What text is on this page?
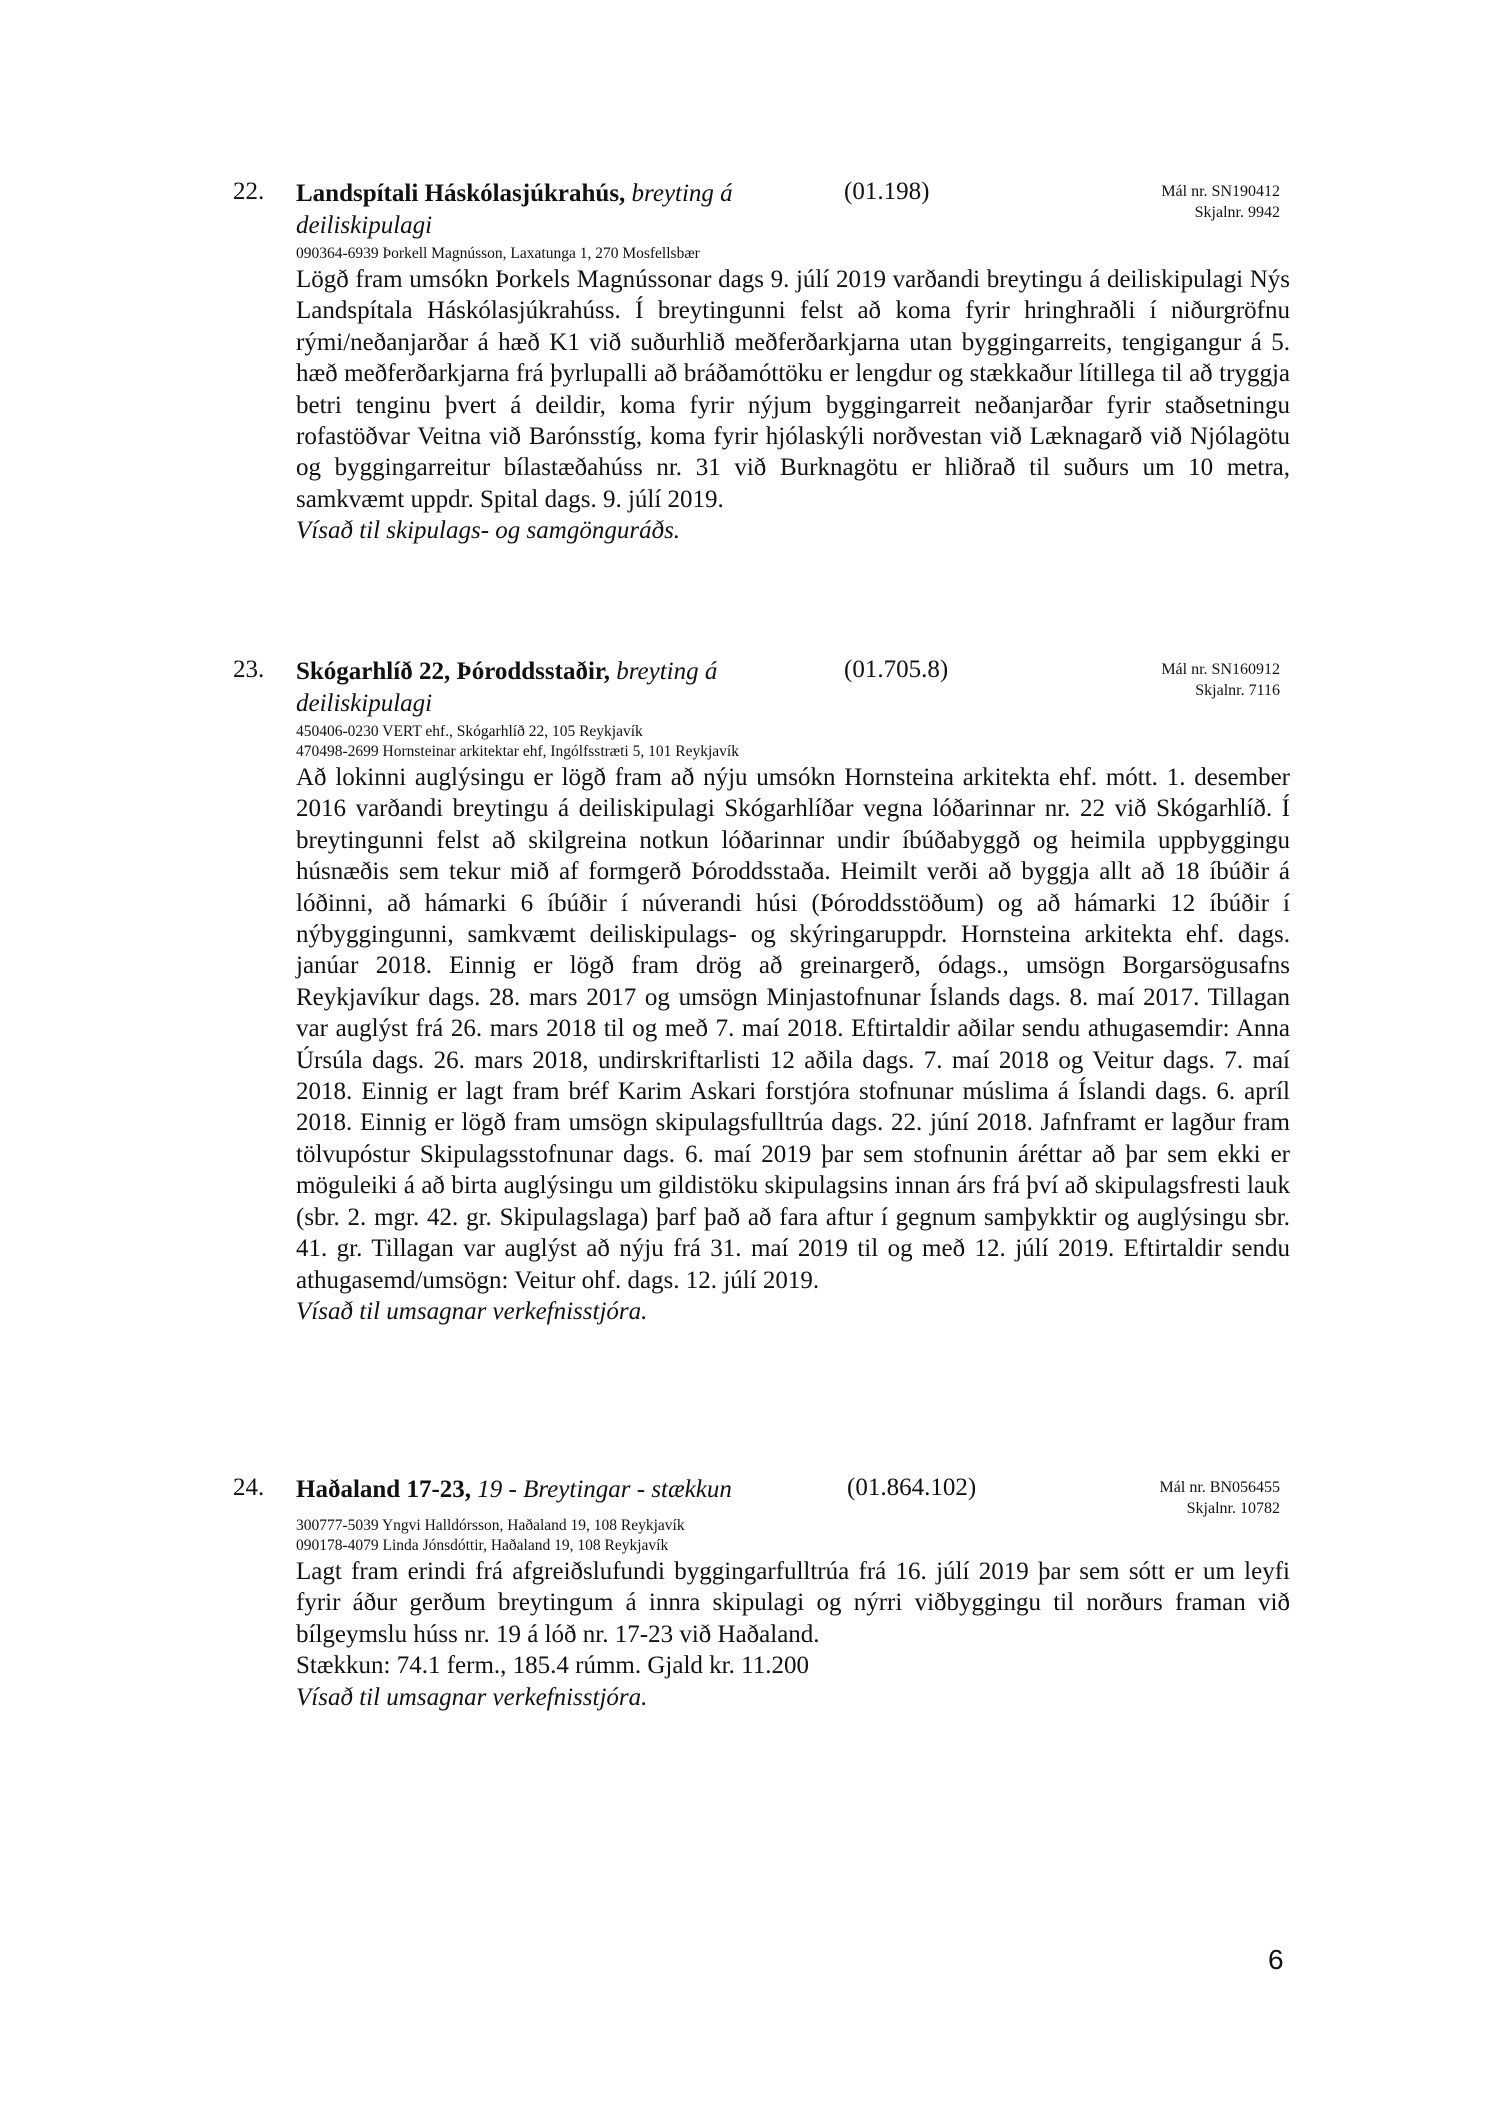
22. Landspítali Háskólasjúkrahús, breyting á deiliskipulagi
(01.198)	Mál nr. SN190412
Skjalnr. 9942
090364-6939 Þorkell Magnússon, Laxatunga 1, 270 Mosfellsbær

Lögð fram umsókn Þorkels Magnússonar dags 9. júlí 2019 varðandi breytingu á deiliskipulagi Nýs Landspítala Háskólasjúkrahúss. Í breytingunni felst að koma fyrir hringhraðli í niðurgröfnu rými/neðanjarðar á hæð K1 við suðurhlið meðferðarkjarna utan byggingarreits, tengigangur á 5. hæð meðferðarkjarna frá þyrlupalli að bráðamóttöku er lengdur og stækkaður lítillega til að tryggja betri tenginu þvert á deildir, koma fyrir nýjum byggingarreit neðanjarðar fyrir staðsetningu rofastöðvar Veitna við Barónsstíg, koma fyrir hjólaskýli norðvestan við Læknagarð við Njólagötu og byggingarreitur bílastæðahúss nr. 31 við Burknagötu er hliðrað til suðurs um 10 metra, samkvæmt uppdr. Spital dags. 9. júlí 2019.

Vísað til skipulags- og samgönguráðs.
23. Skógarhlíð 22, Þóroddsstaðir, breyting á deiliskipulagi
(01.705.8)	Mál nr. SN160912
Skjalnr. 7116
450406-0230 VERT ehf., Skógarhlíð 22, 105 Reykjavík
470498-2699 Hornsteinar arkitektar ehf, Ingólfsstræti 5, 101 Reykjavík

Að lokinni auglýsingu er lögð fram að nýju umsókn Hornsteina arkitekta ehf. mótt. 1. desember 2016 varðandi breytingu á deiliskipulagi Skógarhlíðar vegna lóðarinnar nr. 22 við Skógarhlíð. Í breytingunni felst að skilgreina notkun lóðarinnar undir íbúðabyggð og heimila uppbyggingu húsnæðis sem tekur mið af formgerð Þóroddsstaða. Heimilt verði að byggja allt að 18 íbúðir á lóðinni, að hámarki 6 íbúðir í núverandi húsi (Þóroddsstöðum) og að hámarki 12 íbúðir í nýbyggingunni, samkvæmt deiliskipulags- og skýringaruppdr. Hornsteina arkitekta ehf. dags. janúar 2018. Einnig er lögð fram drög að greinargerð, ódags., umsögn Borgarsögusafns Reykjavíkur dags. 28. mars 2017 og umsögn Minjastofnunar Íslands dags. 8. maí 2017. Tillagan var auglýst frá 26. mars 2018 til og með 7. maí 2018. Eftirtaldir aðilar sendu athugasemdir: Anna Úrsúla dags. 26. mars 2018, undirskriftarlisti 12 aðila dags. 7. maí 2018 og Veitur dags. 7. maí 2018. Einnig er lagt fram bréf Karim Askari forstjóra stofnunar múslima á Íslandi dags. 6. apríl 2018. Einnig er lögð fram umsögn skipulagsfulltrúa dags. 22. júní 2018. Jafnframt er lagður fram tölvupóstur Skipulagsstofnunar dags. 6. maí 2019 þar sem stofnunin áréttar að þar sem ekki er möguleiki á að birta auglýsingu um gildistöku skipulagsins innan árs frá því að skipulagsfresti lauk (sbr. 2. mgr. 42. gr. Skipulagslaga) þarf það að fara aftur í gegnum samþykktir og auglýsingu sbr. 41. gr. Tillagan var auglýst að nýju frá 31. maí 2019 til og með 12. júlí 2019. Eftirtaldir sendu athugasemd/umsögn: Veitur ohf. dags. 12. júlí 2019.

Vísað til umsagnar verkefnisstjóra.
24. Haðaland 17-23, 19 - Breytingar - stækkun	(01.864.102)	Mál nr. BN056455
Skjalnr. 10782
300777-5039 Yngvi Halldórsson, Haðaland 19, 108 Reykjavík
090178-4079 Linda Jónsdóttir, Haðaland 19, 108 Reykjavík

Lagt fram erindi frá afgreiðslufundi byggingarfulltrúa frá 16. júlí 2019 þar sem sótt er um leyfi fyrir áður gerðum breytingum á innra skipulagi og nýrri viðbyggingu til norðurs framan við bílgeymslu húss nr. 19 á lóð nr. 17-23 við Haðaland.

Stækkun: 74.1 ferm., 185.4 rúmm. Gjald kr. 11.200

Vísað til umsagnar verkefnisstjóra.
6
